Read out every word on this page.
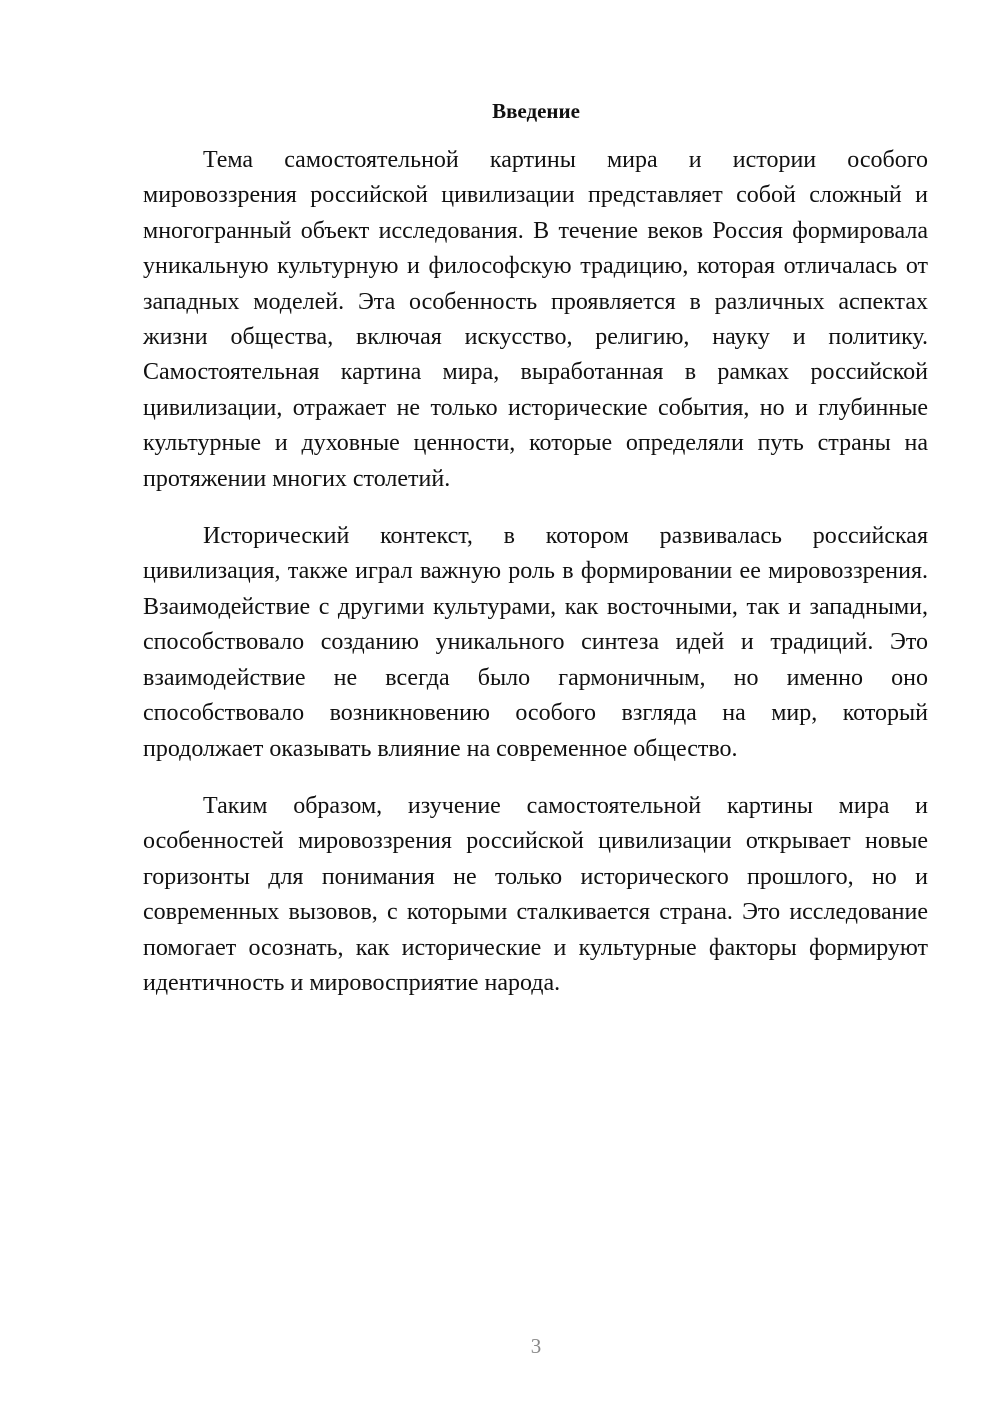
Введение

Тема самостоятельной картины мира и истории особого мировоззрения российской цивилизации представляет собой сложный и многогранный объект исследования. В течение веков Россия формировала уникальную культурную и философскую традицию, которая отличалась от западных моделей. Эта особенность проявляется в различных аспектах жизни общества, включая искусство, религию, науку и политику. Самостоятельная картина мира, выработанная в рамках российской цивилизации, отражает не только исторические события, но и глубинные культурные и духовные ценности, которые определяли путь страны на протяжении многих столетий.

Исторический контекст, в котором развивалась российская цивилизация, также играл важную роль в формировании ее мировоззрения. Взаимодействие с другими культурами, как восточными, так и западными, способствовало созданию уникального синтеза идей и традиций. Это взаимодействие не всегда было гармоничным, но именно оно способствовало возникновению особого взгляда на мир, который продолжает оказывать влияние на современное общество.

Таким образом, изучение самостоятельной картины мира и особенностей мировоззрения российской цивилизации открывает новые горизонты для понимания не только исторического прошлого, но и современных вызовов, с которыми сталкивается страна. Это исследование помогает осознать, как исторические и культурные факторы формируют идентичность и мировосприятие народа.

3
